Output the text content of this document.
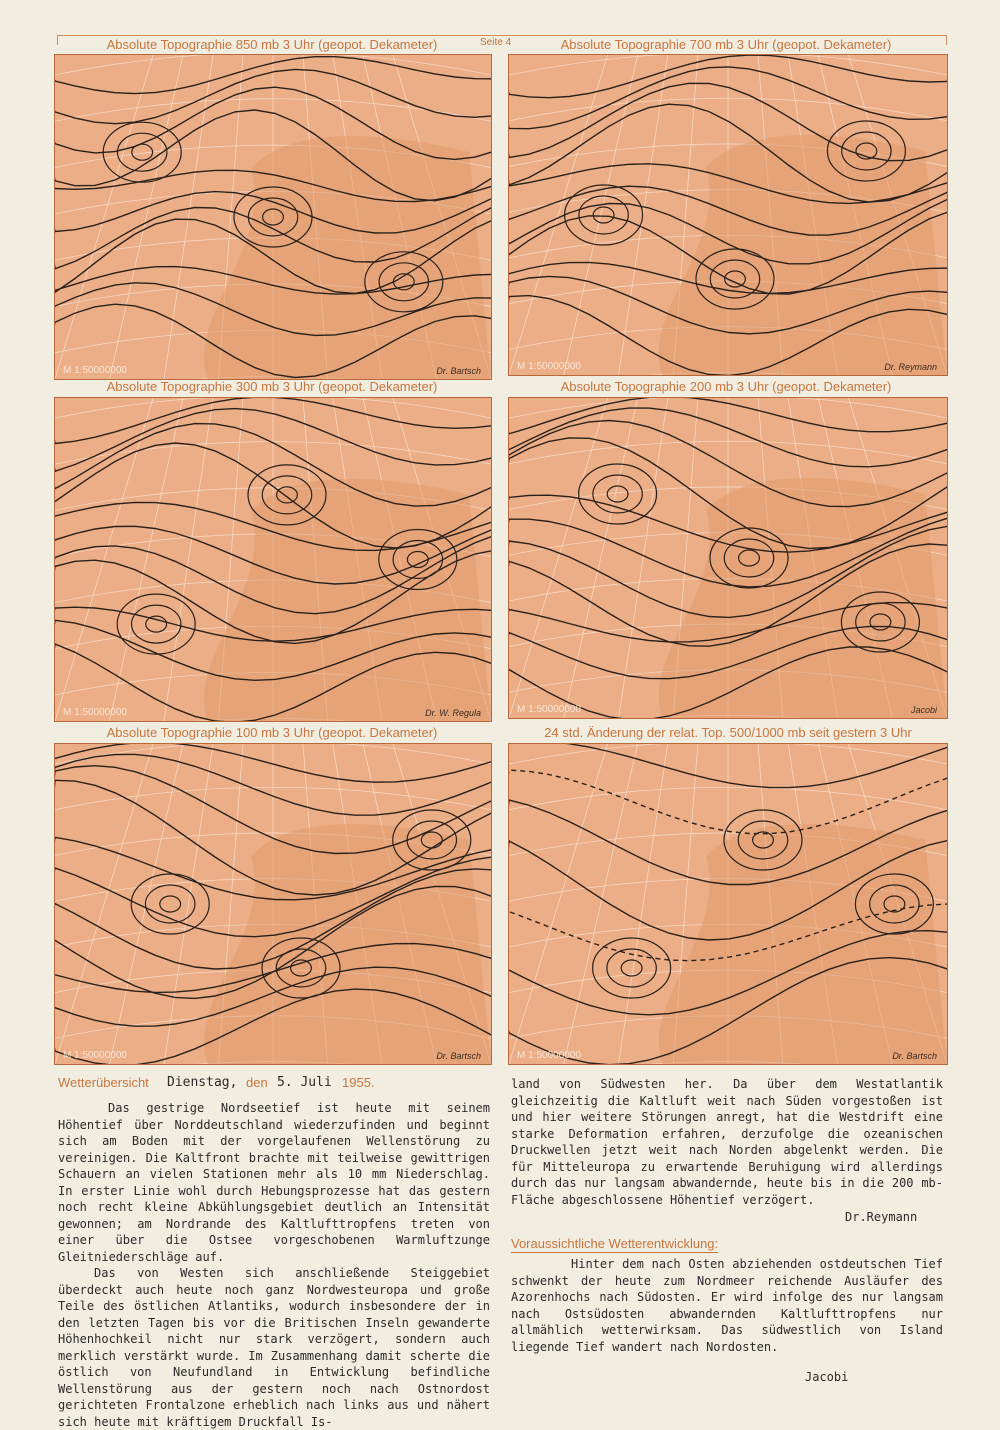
Seite 4
Absolute Topographie 850 mb 3 Uhr (geopot. Dekameter)
M 1:50000000	Dr. Bartsch
Absolute Topographie 700 mb 3 Uhr (geopot. Dekameter)
M 1:50000000	Dr. Reymann
Absolute Topographie 300 mb 3 Uhr (geopot. Dekameter)
M 1:50000000	Dr. W. Regula
Absolute Topographie 200 mb 3 Uhr (geopot. Dekameter)
M 1:50000000	Jacobi
Absolute Topographie 100 mb 3 Uhr (geopot. Dekameter)
M 1:50000000	Dr. Bartsch
24 std. Änderung der relat. Top. 500/1000 mb seit gestern 3 Uhr
M 1:50000000	Dr. Bartsch
Wetterübersicht Dienstag, den 5. Juli 1955.

Das gestrige Nordseetief ist heute mit seinem Höhentief über Norddeutschland wiederzufinden und beginnt sich am Boden mit der vorgelaufenen Wellenstörung zu vereinigen. Die Kaltfront brachte mit teilweise gewittrigen Schauern an vielen Stationen mehr als 10 mm Niederschlag. In erster Linie wohl durch Hebungsprozesse hat das gestern noch recht kleine Abkühlungsgebiet deutlich an Intensität gewonnen; am Nordrande des Kaltlufttropfens treten von einer über die Ostsee vorgeschobenen Warmluftzunge Gleitniederschläge auf.

Das von Westen sich anschließende Steiggebiet überdeckt auch heute noch ganz Nordwesteuropa und große Teile des östlichen Atlantiks, wodurch insbesondere der in den letzten Tagen bis vor die Britischen Inseln gewanderte Höhenhochkeil nicht nur stark verzögert, sondern auch merklich verstärkt wurde. Im Zusammenhang damit scherte die östlich von Neufundland in Entwicklung befindliche Wellenstörung aus der gestern noch nach Ostnordost gerichteten Frontalzone erheblich nach links aus und nähert sich heute mit kräftigem Druckfall Is-

land von Südwesten her. Da über dem Westatlantik gleichzeitig die Kaltluft weit nach Süden vorgestoßen ist und hier weitere Störungen anregt, hat die Westdrift eine starke Deformation erfahren, derzufolge die ozeanischen Druckwellen jetzt weit nach Norden abgelenkt werden. Die für Mitteleuropa zu erwartende Beruhigung wird allerdings durch das nur langsam abwandernde, heute bis in die 200 mb-Fläche abgeschlossene Höhentief verzögert.

Dr.Reymann
Voraussichtliche Wetterentwicklung:

Hinter dem nach Osten abziehenden ostdeutschen Tief schwenkt der heute zum Nordmeer reichende Ausläufer des Azorenhochs nach Südosten. Er wird infolge des nur langsam nach Ostsüdosten abwandernden Kaltlufttropfens nur allmählich wetterwirksam. Das südwestlich von Island liegende Tief wandert nach Nordosten.

Jacobi
